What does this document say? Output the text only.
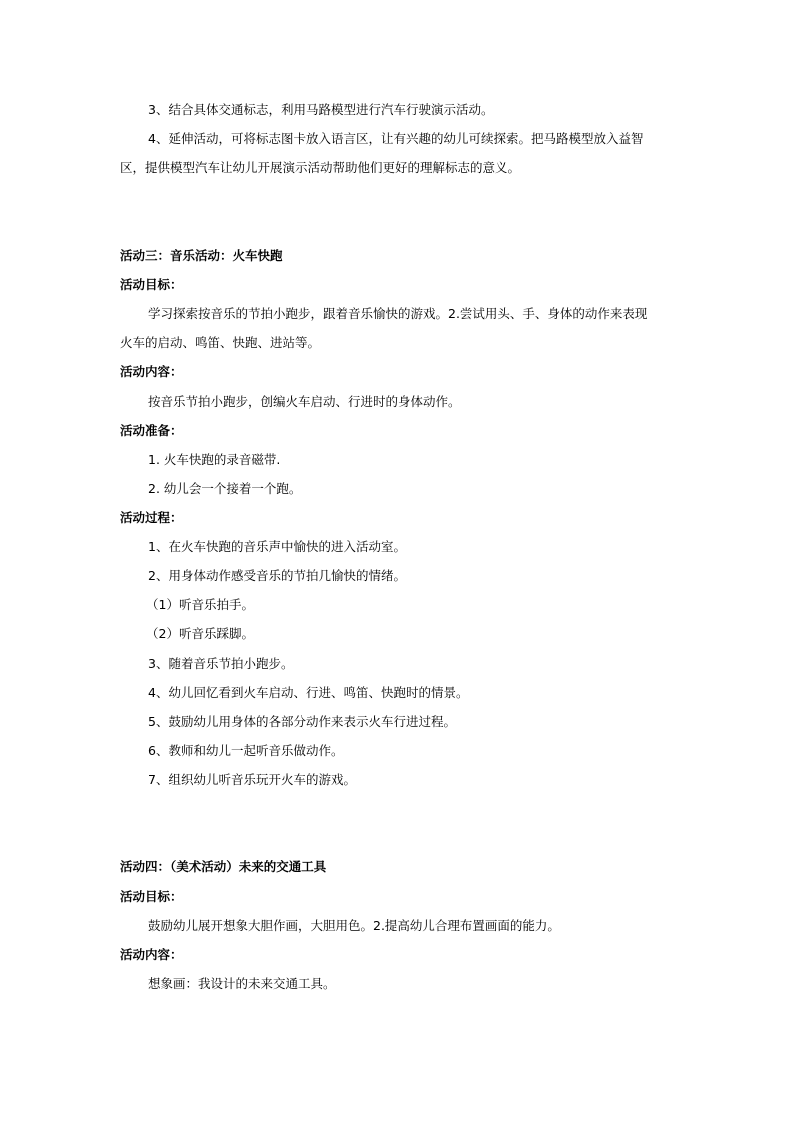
3、结合具体交通标志，利用马路模型进行汽车行驶演示活动。
4、延伸活动，可将标志图卡放入语言区，让有兴趣的幼儿可续探索。把马路模型放入益智
区，提供模型汽车让幼儿开展演示活动帮助他们更好的理解标志的意义。
活动三：音乐活动：火车快跑
活动目标：
学习探索按音乐的节拍小跑步，跟着音乐愉快的游戏。2.尝试用头、手、身体的动作来表现
火车的启动、鸣笛、快跑、进站等。
活动内容：
按音乐节拍小跑步，创编火车启动、行进时的身体动作。
活动准备：
1. 火车快跑的录音磁带.
2. 幼儿会一个接着一个跑。
活动过程：
1、在火车快跑的音乐声中愉快的进入活动室。
2、用身体动作感受音乐的节拍几愉快的情绪。
（1）听音乐拍手。
（2）听音乐踩脚。
3、随着音乐节拍小跑步。
4、幼儿回忆看到火车启动、行进、鸣笛、快跑时的情景。
5、鼓励幼儿用身体的各部分动作来表示火车行进过程。
6、教师和幼儿一起听音乐做动作。
7、组织幼儿听音乐玩开火车的游戏。
活动四：（美术活动）未来的交通工具
活动目标：
鼓励幼儿展开想象大胆作画，大胆用色。2.提高幼儿合理布置画面的能力。
活动内容：
想象画：我设计的未来交通工具。
